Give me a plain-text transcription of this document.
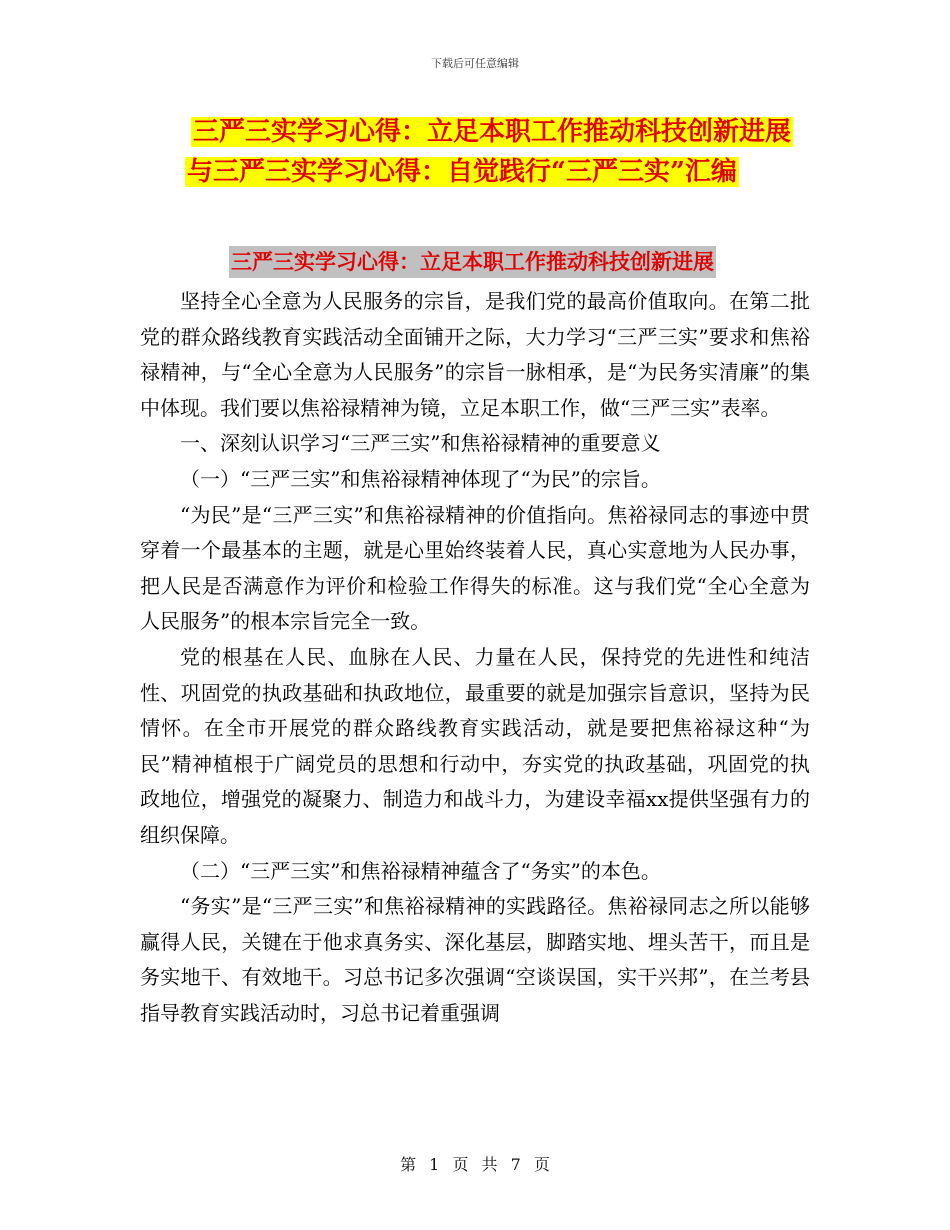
下载后可任意编辑
三严三实学习心得：立足本职工作推动科技创新进展
与三严三实学习心得：自觉践行“三严三实”汇编
三严三实学习心得：立足本职工作推动科技创新进展

坚持全心全意为人民服务的宗旨，是我们党的最高价值取向。在第二批党的群众路线教育实践活动全面铺开之际，大力学习“三严三实”要求和焦裕禄精神，与“全心全意为人民服务”的宗旨一脉相承，是“为民务实清廉”的集中体现。我们要以焦裕禄精神为镜，立足本职工作，做“三严三实”表率。

一、深刻认识学习“三严三实”和焦裕禄精神的重要意义

（一）“三严三实”和焦裕禄精神体现了“为民”的宗旨。

“为民”是“三严三实”和焦裕禄精神的价值指向。焦裕禄同志的事迹中贯穿着一个最基本的主题，就是心里始终装着人民，真心实意地为人民办事，把人民是否满意作为评价和检验工作得失的标准。这与我们党“全心全意为人民服务”的根本宗旨完全一致。

党的根基在人民、血脉在人民、力量在人民，保持党的先进性和纯洁性、巩固党的执政基础和执政地位，最重要的就是加强宗旨意识，坚持为民情怀。在全市开展党的群众路线教育实践活动，就是要把焦裕禄这种“为民”精神植根于广阔党员的思想和行动中，夯实党的执政基础，巩固党的执政地位，增强党的凝聚力、制造力和战斗力，为建设幸福xx提供坚强有力的组织保障。

（二）“三严三实”和焦裕禄精神蕴含了“务实”的本色。

“务实”是“三严三实”和焦裕禄精神的实践路径。焦裕禄同志之所以能够赢得人民，关键在于他求真务实、深化基层，脚踏实地、埋头苦干，而且是务实地干、有效地干。习总书记多次强调“空谈误国，实干兴邦”，在兰考县指导教育实践活动时，习总书记着重强调

第 1 页 共 7 页
